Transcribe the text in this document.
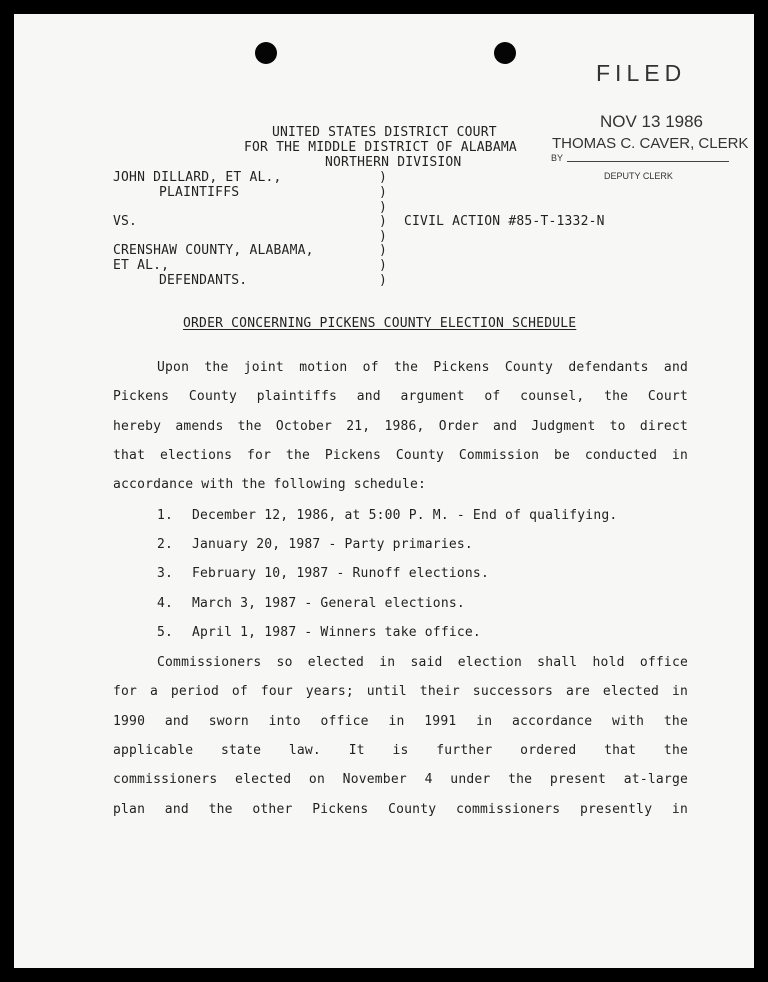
FILED
NOV 13 1986
THOMAS C. CAVER, CLERK
BY
DEPUTY CLERK
UNITED STATES DISTRICT COURT
FOR THE MIDDLE DISTRICT OF ALABAMA
NORTHERN DIVISION
JOHN DILLARD, ET AL.,
PLAINTIFFS
VS.
CRENSHAW COUNTY, ALABAMA,
ET AL.,
DEFENDANTS.
)
)
)
)
)
)
)
)
CIVIL ACTION #85-T-1332-N
ORDER CONCERNING PICKENS COUNTY ELECTION SCHEDULE
Upon the joint motion of the Pickens County defendants and
Pickens County plaintiffs and argument of counsel, the Court
hereby amends the October 21, 1986, Order and Judgment to direct
that elections for the Pickens County Commission be conducted in
accordance with the following schedule:
1. December 12, 1986, at 5:00 P. M. - End of qualifying.
2. January 20, 1987 - Party primaries.
3. February 10, 1987 - Runoff elections.
4. March 3, 1987 - General elections.
5. April 1, 1987 - Winners take office.
Commissioners so elected in said election shall hold office
for a period of four years; until their successors are elected in
1990 and sworn into office in 1991 in accordance with the
applicable state law. It is further ordered that the
commissioners elected on November 4 under the present at-large
plan and the other Pickens County commissioners presently in
